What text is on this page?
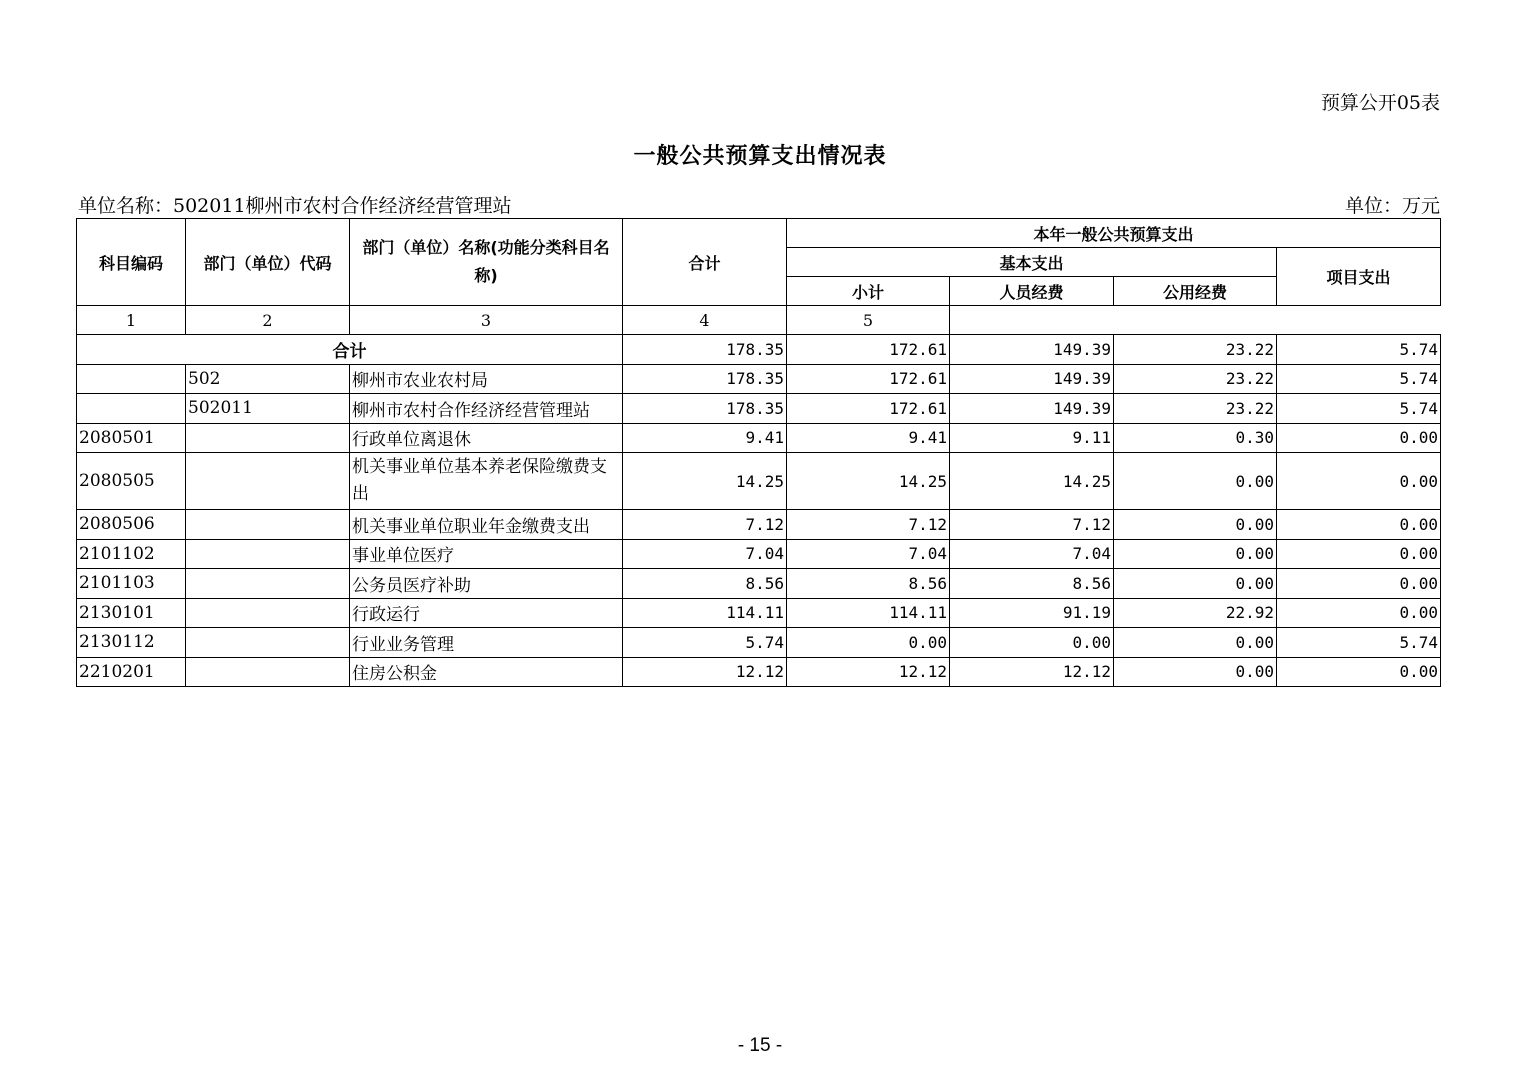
预算公开05表
一般公共预算支出情况表
单位名称：502011柳州市农村合作经济经营管理站	单位：万元
科目编码	部门（单位）代码	部门（单位）名称(功能分类科目名称)	合计	本年一般公共预算支出			
				基本支出			项目支出
				小计	人员经费	公用经费	
1	2	3	4	5			
合计			178.35	172.61	149.39	23.22	5.74
	502	柳州市农业农村局	178.35	172.61	149.39	23.22	5.74
	502011	柳州市农村合作经济经营管理站	178.35	172.61	149.39	23.22	5.74
2080501		行政单位离退休	9.41	9.41	9.11	0.30	0.00
2080505		机关事业单位基本养老保险缴费支出	14.25	14.25	14.25	0.00	0.00
2080506		机关事业单位职业年金缴费支出	7.12	7.12	7.12	0.00	0.00
2101102		事业单位医疗	7.04	7.04	7.04	0.00	0.00
2101103		公务员医疗补助	8.56	8.56	8.56	0.00	0.00
2130101		行政运行	114.11	114.11	91.19	22.92	0.00
2130112		行业业务管理	5.74	0.00	0.00	0.00	5.74
2210201		住房公积金	12.12	12.12	12.12	0.00	0.00
- 15 -
